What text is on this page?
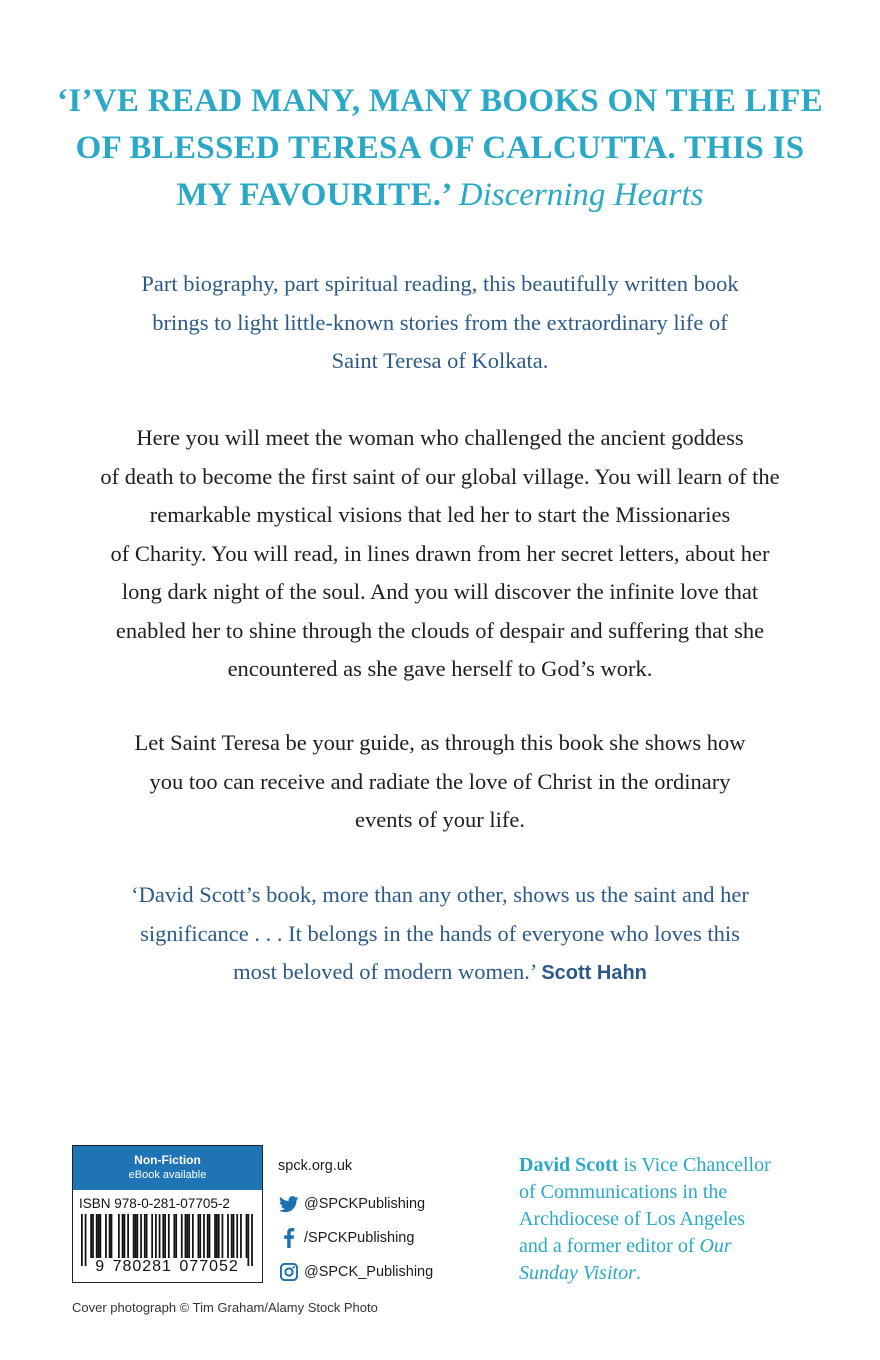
‘I’VE READ MANY, MANY BOOKS ON THE LIFE
OF BLESSED TERESA OF CALCUTTA. THIS IS
MY FAVOURITE.’ Discerning Hearts
Part biography, part spiritual reading, this beautifully written book
brings to light little-known stories from the extraordinary life of
Saint Teresa of Kolkata.
Here you will meet the woman who challenged the ancient goddess
of death to become the first saint of our global village. You will learn of the
remarkable mystical visions that led her to start the Missionaries
of Charity. You will read, in lines drawn from her secret letters, about her
long dark night of the soul. And you will discover the infinite love that
enabled her to shine through the clouds of despair and suffering that she
encountered as she gave herself to God’s work.
Let Saint Teresa be your guide, as through this book she shows how
you too can receive and radiate the love of Christ in the ordinary
events of your life.
‘David Scott’s book, more than any other, shows us the saint and her
significance . . . It belongs in the hands of everyone who loves this
most beloved of modern women.’ Scott Hahn
Non-Fiction
eBook available
ISBN 978-0-281-07705-2
9 780281 077052
spck.org.uk
@SPCKPublishing
/SPCKPublishing
@SPCK_Publishing
David Scott is Vice Chancellor
of Communications in the
Archdiocese of Los Angeles
and a former editor of Our
Sunday Visitor.
Cover photograph © Tim Graham/Alamy Stock Photo
